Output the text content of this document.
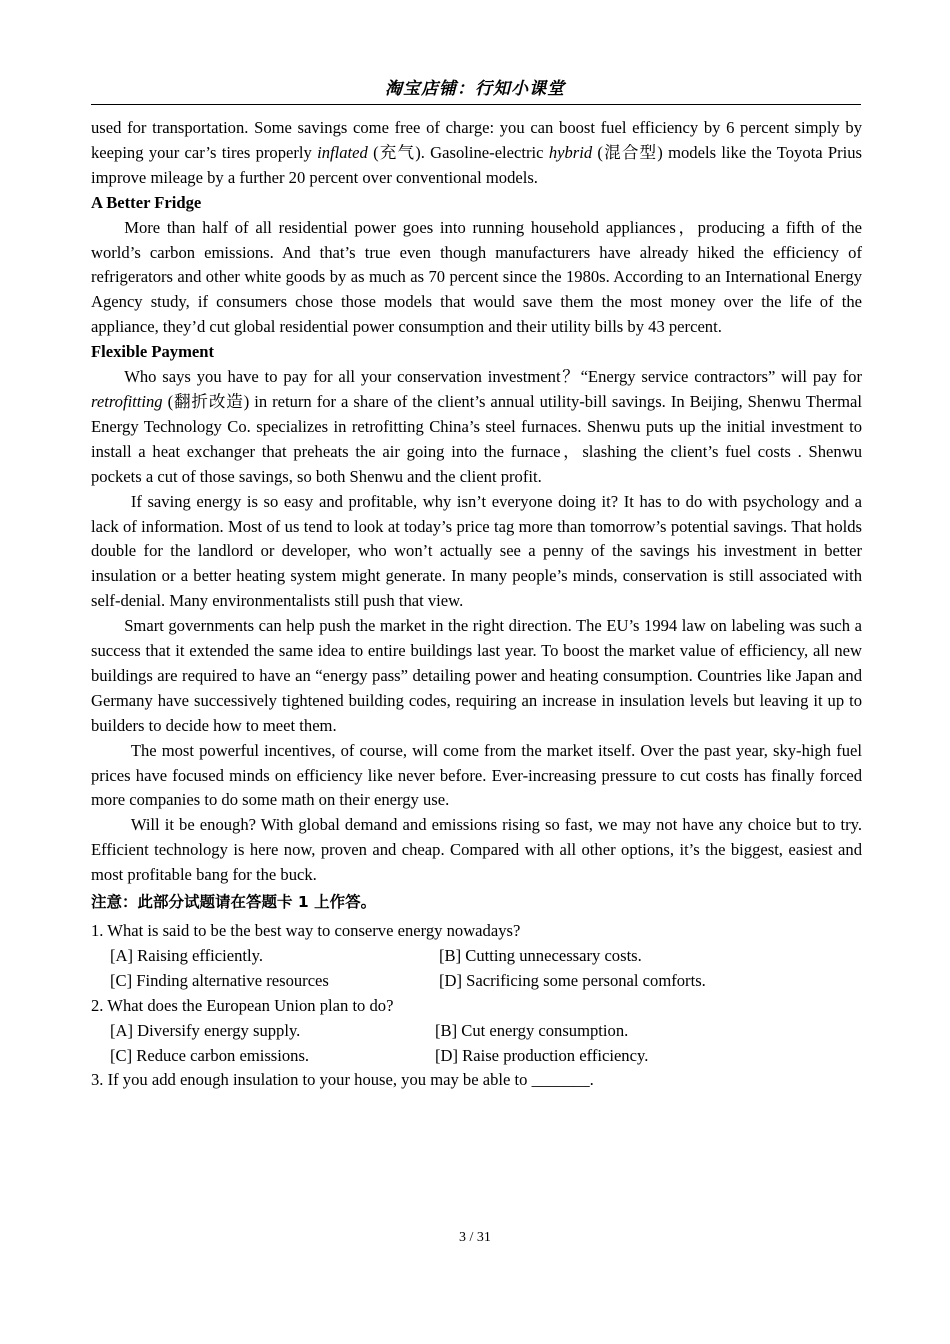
淘宝店铺：行知小课堂

used for transportation. Some savings come free of charge: you can boost fuel efficiency by 6 percent simply by keeping your car’s tires properly inflated (充气). Gasoline-electric hybrid (混合型) models like the Toyota Prius improve mileage by a further 20 percent over conventional models.

A Better Fridge

More than half of all residential power goes into running household appliances，producing a fifth of the world’s carbon emissions. And that’s true even though manufacturers have already hiked the efficiency of refrigerators and other white goods by as much as 70 percent since the 1980s. According to an International Energy Agency study, if consumers chose those models that would save them the most money over the life of the appliance, they’d cut global residential power consumption and their utility bills by 43 percent.

Flexible Payment

Who says you have to pay for all your conservation investment？“Energy service contractors” will pay for retrofitting (翻折改造) in return for a share of the client’s annual utility-bill savings. In Beijing, Shenwu Thermal Energy Technology Co. specializes in retrofitting China’s steel furnaces. Shenwu puts up the initial investment to install a heat exchanger that preheats the air going into the furnace，slashing the client’s fuel costs . Shenwu pockets a cut of those savings, so both Shenwu and the client profit.

If saving energy is so easy and profitable, why isn’t everyone doing it? It has to do with psychology and a lack of information. Most of us tend to look at today’s price tag more than tomorrow’s potential savings. That holds double for the landlord or developer, who won’t actually see a penny of the savings his investment in better insulation or a better heating system might generate. In many people’s minds, conservation is still associated with self-denial. Many environmentalists still push that view.

Smart governments can help push the market in the right direction. The EU’s 1994 law on labeling was such a success that it extended the same idea to entire buildings last year. To boost the market value of efficiency, all new buildings are required to have an “energy pass” detailing power and heating consumption. Countries like Japan and Germany have successively tightened building codes, requiring an increase in insulation levels but leaving it up to builders to decide how to meet them.

The most powerful incentives, of course, will come from the market itself. Over the past year, sky-high fuel prices have focused minds on efficiency like never before. Ever-increasing pressure to cut costs has finally forced more companies to do some math on their energy use.

Will it be enough? With global demand and emissions rising so fast, we may not have any choice but to try. Efficient technology is here now, proven and cheap. Compared with all other options, it’s the biggest, easiest and most profitable bang for the buck.

注意：此部分试题请在答题卡 1 上作答。

1. What is said to be the best way to conserve energy nowadays?

[A] Raising efficiently.	[B] Cutting unnecessary costs.
[C] Finding alternative resources	[D] Sacrificing some personal comforts.

2. What does the European Union plan to do?

[A] Diversify energy supply.	[B] Cut energy consumption.
[C] Reduce carbon emissions.	[D] Raise production efficiency.

3. If you add enough insulation to your house, you may be able to _______.

3 / 31
